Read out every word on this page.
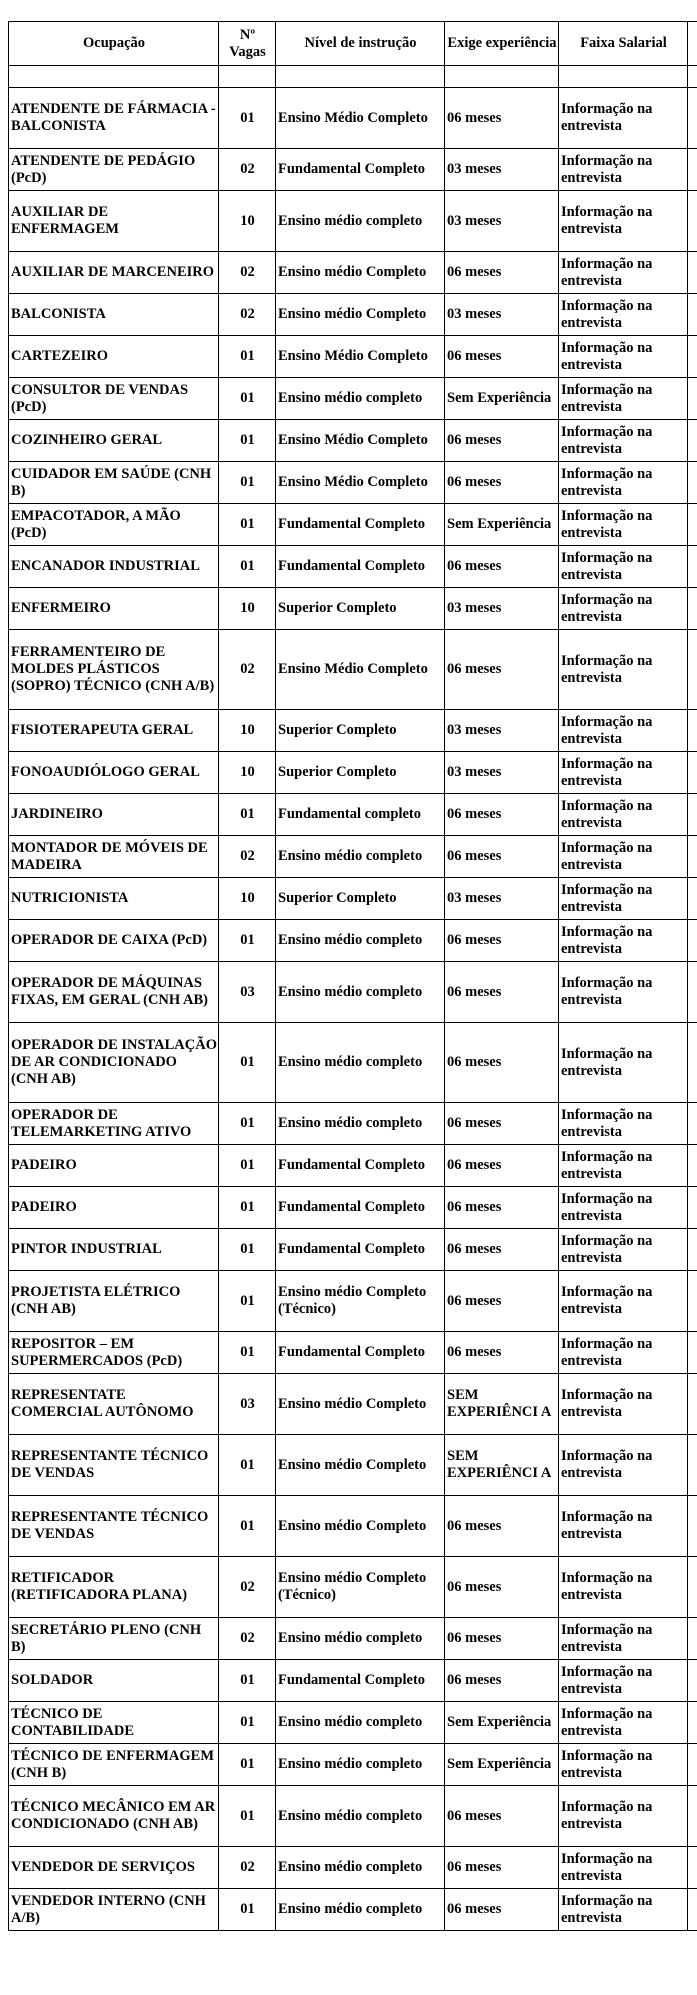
Ocupação	Nº Vagas	Nível de instrução	Exige experiência	Faixa Salarial	

ATENDENTE DE FÁRMACIA - BALCONISTA	01	Ensino Médio Completo	06 meses	Informação na entrevista	
ATENDENTE DE PEDÁGIO (PcD)	02	Fundamental Completo	03 meses	Informação na entrevista	
AUXILIAR DE ENFERMAGEM	10	Ensino médio completo	03 meses	Informação na entrevista	
AUXILIAR DE MARCENEIRO	02	Ensino médio Completo	06 meses	Informação na entrevista	
BALCONISTA	02	Ensino médio Completo	03 meses	Informação na entrevista	
CARTEZEIRO	01	Ensino Médio Completo	06 meses	Informação na entrevista	
CONSULTOR DE VENDAS (PcD)	01	Ensino médio completo	Sem Experiência	Informação na entrevista	
COZINHEIRO GERAL	01	Ensino Médio Completo	06 meses	Informação na entrevista	
CUIDADOR EM SAÚDE (CNH B)	01	Ensino Médio Completo	06 meses	Informação na entrevista	
EMPACOTADOR, A MÃO (PcD)	01	Fundamental Completo	Sem Experiência	Informação na entrevista	
ENCANADOR INDUSTRIAL	01	Fundamental Completo	06 meses	Informação na entrevista	
ENFERMEIRO	10	Superior Completo	03 meses	Informação na entrevista	
FERRAMENTEIRO DE MOLDES PLÁSTICOS (SOPRO) TÉCNICO (CNH A/B)	02	Ensino Médio Completo	06 meses	Informação na entrevista	
FISIOTERAPEUTA GERAL	10	Superior Completo	03 meses	Informação na entrevista	
FONOAUDIÓLOGO GERAL	10	Superior Completo	03 meses	Informação na entrevista	
JARDINEIRO	01	Fundamental completo	06 meses	Informação na entrevista	
MONTADOR DE MÓVEIS DE MADEIRA	02	Ensino médio completo	06 meses	Informação na entrevista	
NUTRICIONISTA	10	Superior Completo	03 meses	Informação na entrevista	
OPERADOR DE CAIXA (PcD)	01	Ensino médio completo	06 meses	Informação na entrevista	
OPERADOR DE MÁQUINAS FIXAS, EM GERAL (CNH AB)	03	Ensino médio completo	06 meses	Informação na entrevista	
OPERADOR DE INSTALAÇÃO DE AR CONDICIONADO (CNH AB)	01	Ensino médio completo	06 meses	Informação na entrevista	
OPERADOR DE TELEMARKETING ATIVO	01	Ensino médio completo	06 meses	Informação na entrevista	
PADEIRO	01	Fundamental Completo	06 meses	Informação na entrevista	
PADEIRO	01	Fundamental Completo	06 meses	Informação na entrevista	
PINTOR INDUSTRIAL	01	Fundamental Completo	06 meses	Informação na entrevista	
PROJETISTA ELÉTRICO (CNH AB)	01	Ensino médio Completo (Técnico)	06 meses	Informação na entrevista	
REPOSITOR – EM SUPERMERCADOS (PcD)	01	Fundamental Completo	06 meses	Informação na entrevista	
REPRESENTATE COMERCIAL AUTÔNOMO	03	Ensino médio Completo	SEM EXPERIÊNCI A	Informação na entrevista	
REPRESENTANTE TÉCNICO DE VENDAS	01	Ensino médio Completo	SEM EXPERIÊNCI A	Informação na entrevista	
REPRESENTANTE TÉCNICO DE VENDAS	01	Ensino médio Completo	06 meses	Informação na entrevista	
RETIFICADOR (RETIFICADORA PLANA)	02	Ensino médio Completo (Técnico)	06 meses	Informação na entrevista	
SECRETÁRIO PLENO (CNH B)	02	Ensino médio completo	06 meses	Informação na entrevista	
SOLDADOR	01	Fundamental Completo	06 meses	Informação na entrevista	
TÉCNICO DE CONTABILIDADE	01	Ensino médio completo	Sem Experiência	Informação na entrevista	
TÉCNICO DE ENFERMAGEM (CNH B)	01	Ensino médio completo	Sem Experiência	Informação na entrevista	
TÉCNICO MECÂNICO EM AR CONDICIONADO (CNH AB)	01	Ensino médio completo	06 meses	Informação na entrevista	
VENDEDOR DE SERVIÇOS	02	Ensino médio completo	06 meses	Informação na entrevista	
VENDEDOR INTERNO (CNH A/B)	01	Ensino médio completo	06 meses	Informação na entrevista	
